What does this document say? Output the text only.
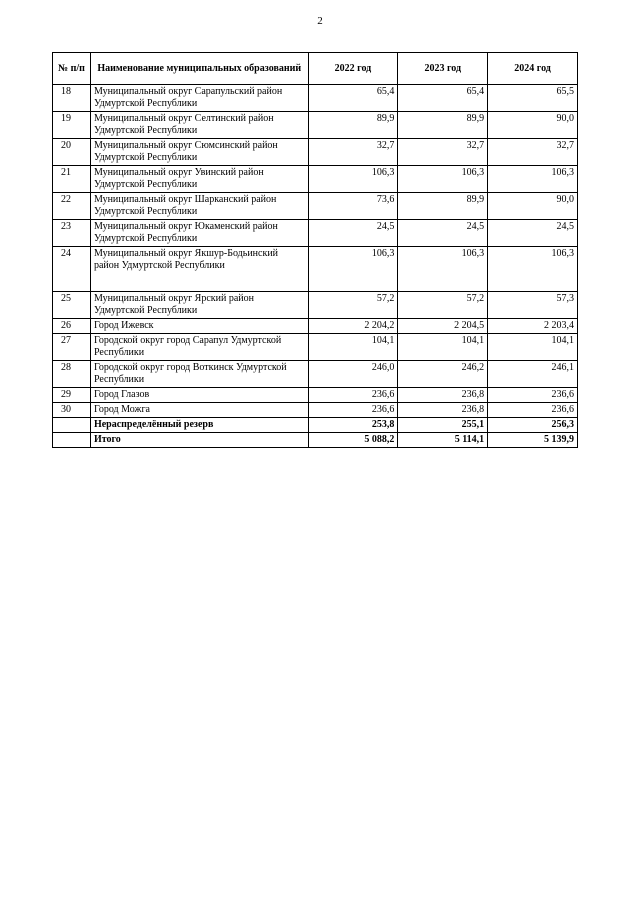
2
№ п/п	Наименование муниципальных образований	2022 год	2023 год	2024 год
18	Муниципальный округ Сарапульский район Удмуртской Республики	65,4	65,4	65,5
19	Муниципальный округ Селтинский район Удмуртской Республики	89,9	89,9	90,0
20	Муниципальный округ Сюмсинский район Удмуртской Республики	32,7	32,7	32,7
21	Муниципальный округ Увинский район Удмуртской Республики	106,3	106,3	106,3
22	Муниципальный округ Шарканский район Удмуртской Республики	73,6	89,9	90,0
23	Муниципальный округ Юкаменский район Удмуртской Республики	24,5	24,5	24,5
24	Муниципальный округ Якшур-Бодьинский район Удмуртской Республики	106,3	106,3	106,3
25	Муниципальный округ Ярский район Удмуртской Республики	57,2	57,2	57,3
26	Город Ижевск	2 204,2	2 204,5	2 203,4
27	Городской округ город Сарапул Удмуртской Республики	104,1	104,1	104,1
28	Городской округ город Воткинск Удмуртской Республики	246,0	246,2	246,1
29	Город Глазов	236,6	236,8	236,6
30	Город Можга	236,6	236,8	236,6
	Нераспределённый резерв	253,8	255,1	256,3
	Итого	5 088,2	5 114,1	5 139,9
